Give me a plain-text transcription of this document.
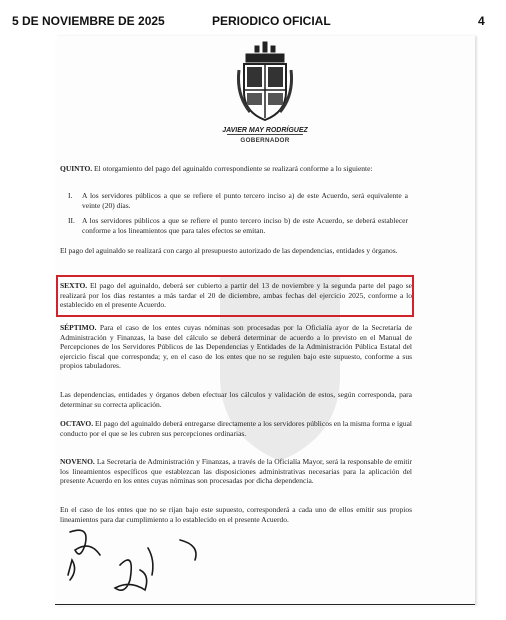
5 DE NOVIEMBRE DE 2025	PERIODICO OFICIAL	4
JAVIER MAY RODRÍGUEZ
GOBERNADOR

QUINTO. El otorgamiento del pago del aguinaldo correspondiente se realizará conforme a lo siguiente:

I. A los servidores públicos a que se refiere el punto tercero inciso a) de este Acuerdo, será equivalente a veinte (20) días.
II. A los servidores públicos a que se refiere el punto tercero inciso b) de este Acuerdo, se deberá establecer conforme a los lineamientos que para tales efectos se emitan.

El pago del aguinaldo se realizará con cargo al presupuesto autorizado de las dependencias, entidades y órganos.

SEXTO. El pago del aguinaldo, deberá ser cubierto a partir del 13 de noviembre y la segunda parte del pago se realizará por los días restantes a más tardar el 20 de diciembre, ambas fechas del ejercicio 2025, conforme a lo establecido en el presente Acuerdo.

SÉPTIMO. Para el caso de los entes cuyas nóminas son procesadas por la Oficialía ayor de la Secretaría de Administración y Finanzas, la base del cálculo se deberá determinar de acuerdo a lo previsto en el Manual de Percepciones de los Servidores Públicos de las Dependencias y Entidades de la Administración Pública Estatal del ejercicio fiscal que corresponda; y, en el caso de los entes que no se regulen bajo este supuesto, conforme a sus propios tabuladores.

Las dependencias, entidades y órganos deben efectuar los cálculos y validación de estos, según corresponda, para determinar su correcta aplicación.

OCTAVO. El pago del aguinaldo deberá entregarse directamente a los servidores públicos en la misma forma e igual conducto por el que se les cubren sus percepciones ordinarias.

NOVENO. La Secretaría de Administración y Finanzas, a través de la Oficialía Mayor, será la responsable de emitir los lineamientos específicos que establezcan las disposiciones administrativas necesarias para la aplicación del presente Acuerdo en los entes cuyas nóminas son procesadas por dicha dependencia.

En el caso de los entes que no se rijan bajo este supuesto, corresponderá a cada uno de ellos emitir sus propios lineamientos para dar cumplimiento a lo establecido en el presente Acuerdo.
